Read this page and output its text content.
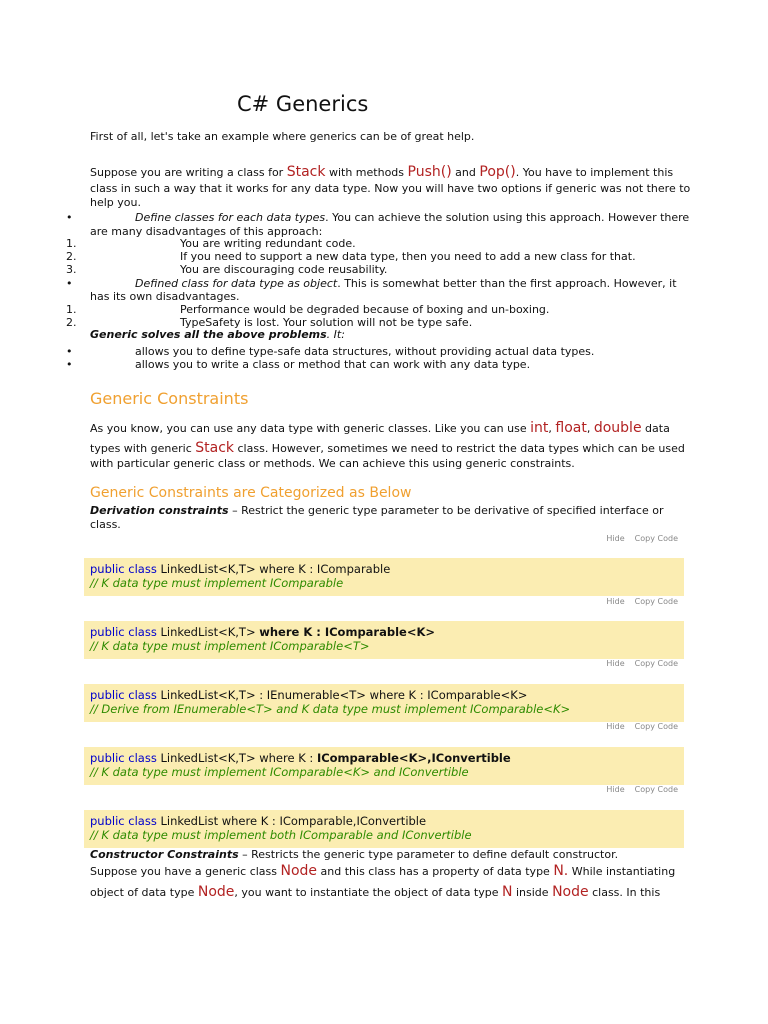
C# Generics
First of all, let's take an example where generics can be of great help.
Suppose you are writing a class for Stack with methods Push() and Pop(). You have to implement this
class in such a way that it works for any data type. Now you will have two options if generic was not there to
help you.
•	Define classes for each data types. You can achieve the solution using this approach. However there
are many disadvantages of this approach:
1.	You are writing redundant code.
2.	If you need to support a new data type, then you need to add a new class for that.
3.	You are discouraging code reusability.
•	Defined class for data type as object. This is somewhat better than the first approach. However, it
has its own disadvantages.
1.	Performance would be degraded because of boxing and un-boxing.
2.	TypeSafety is lost. Your solution will not be type safe.
Generic solves all the above problems. It:
•	allows you to define type-safe data structures, without providing actual data types.
•	allows you to write a class or method that can work with any data type.
Generic Constraints
As you know, you can use any data type with generic classes. Like you can use int, float, double data
types with generic Stack class. However, sometimes we need to restrict the data types which can be used
with particular generic class or methods. We can achieve this using generic constraints.
Generic Constraints are Categorized as Below
Derivation constraints – Restrict the generic type parameter to be derivative of specified interface or
class.
Hide Copy Code
public class LinkedList<K,T> where K : IComparable
// K data type must implement IComparable
Hide Copy Code
public class LinkedList<K,T> where K : IComparable<K>
// K data type must implement IComparable<T>
Hide Copy Code
public class LinkedList<K,T> : IEnumerable<T> where K : IComparable<K>
// Derive from IEnumerable<T> and K data type must implement IComparable<K>
Hide Copy Code
public class LinkedList<K,T> where K : IComparable<K>,IConvertible
// K data type must implement IComparable<K> and IConvertible
Hide Copy Code
public class LinkedList where K : IComparable,IConvertible
// K data type must implement both IComparable and IConvertible
Constructor Constraints – Restricts the generic type parameter to define default constructor.
Suppose you have a generic class Node and this class has a property of data type N. While instantiating
object of data type Node, you want to instantiate the object of data type N inside Node class. In this
